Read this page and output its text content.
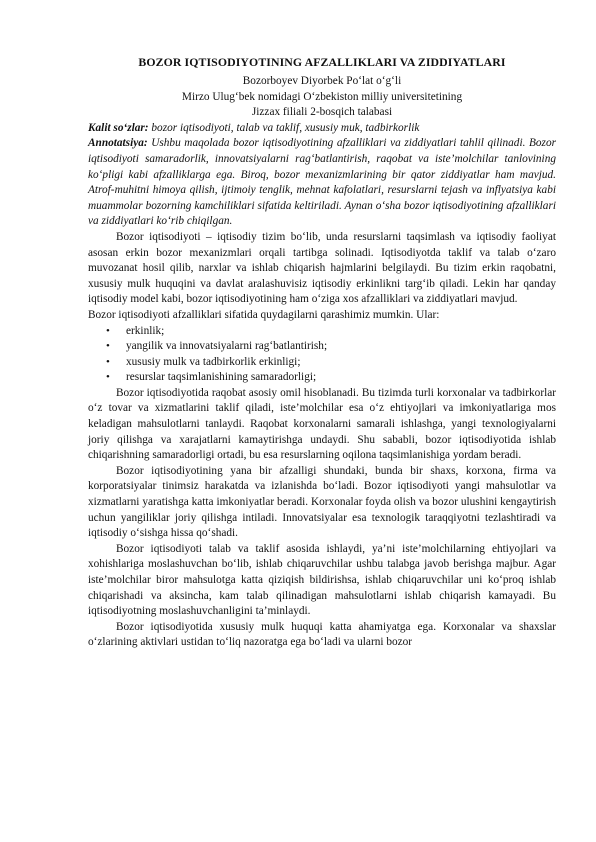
BOZOR IQTISODIYOTINING AFZALLIKLARI VA ZIDDIYATLARI

Bozorboyev Diyorbek Po‘lat o‘g‘li

Mirzo Ulug‘bek nomidagi O‘zbekiston milliy universitetining

Jizzax filiali 2-bosqich talabasi

Kalit so‘zlar: bozor iqtisodiyoti, talab va taklif, xususiy muk, tadbirkorlik

Annotatsiya: Ushbu maqolada bozor iqtisodiyotining afzalliklari va ziddiyatlari tahlil qilinadi. Bozor iqtisodiyoti samaradorlik, innovatsiyalarni rag‘batlantirish, raqobat va iste’molchilar tanlovining ko‘pligi kabi afzalliklarga ega. Biroq, bozor mexanizmlarining bir qator ziddiyatlar ham mavjud. Atrof-muhitni himoya qilish, ijtimoiy tenglik, mehnat kafolatlari, resurslarni tejash va inflyatsiya kabi muammolar bozorning kamchiliklari sifatida keltiriladi. Aynan o‘sha bozor iqtisodiyotining afzalliklari va ziddiyatlari ko‘rib chiqilgan.

Bozor iqtisodiyoti – iqtisodiy tizim bo‘lib, unda resurslarni taqsimlash va iqtisodiy faoliyat asosan erkin bozor mexanizmlari orqali tartibga solinadi. Iqtisodiyotda taklif va talab o‘zaro muvozanat hosil qilib, narxlar va ishlab chiqarish hajmlarini belgilaydi. Bu tizim erkin raqobatni, xususiy mulk huquqini va davlat aralashuvisiz iqtisodiy erkinlikni targ‘ib qiladi. Lekin har qanday iqtisodiy model kabi, bozor iqtisodiyotining ham o‘ziga xos afzalliklari va ziddiyatlari mavjud.

Bozor iqtisodiyoti afzalliklari sifatida quydagilarni qarashimiz mumkin. Ular:

• erkinlik;
• yangilik va innovatsiyalarni rag‘batlantirish;
• xususiy mulk va tadbirkorlik erkinligi;
• resurslar taqsimlanishining samaradorligi;

Bozor iqtisodiyotida raqobat asosiy omil hisoblanadi. Bu tizimda turli korxonalar va tadbirkorlar o‘z tovar va xizmatlarini taklif qiladi, iste’molchilar esa o‘z ehtiyojlari va imkoniyatlariga mos keladigan mahsulotlarni tanlaydi. Raqobat korxonalarni samarali ishlashga, yangi texnologiyalarni joriy qilishga va xarajatlarni kamaytirishga undaydi. Shu sababli, bozor iqtisodiyotida ishlab chiqarishning samaradorligi ortadi, bu esa resurslarning oqilona taqsimlanishiga yordam beradi.

Bozor iqtisodiyotining yana bir afzalligi shundaki, bunda bir shaxs, korxona, firma va korporatsiyalar tinimsiz harakatda va izlanishda bo‘ladi. Bozor iqtisodiyoti yangi mahsulotlar va xizmatlarni yaratishga katta imkoniyatlar beradi. Korxonalar foyda olish va bozor ulushini kengaytirish uchun yangiliklar joriy qilishga intiladi. Innovatsiyalar esa texnologik taraqqiyotni tezlashtiradi va iqtisodiy o‘sishga hissa qo‘shadi.

Bozor iqtisodiyoti talab va taklif asosida ishlaydi, ya’ni iste’molchilarning ehtiyojlari va xohishlariga moslashuvchan bo‘lib, ishlab chiqaruvchilar ushbu talabga javob berishga majbur. Agar iste’molchilar biror mahsulotga katta qiziqish bildirishsa, ishlab chiqaruvchilar uni ko‘proq ishlab chiqarishadi va aksincha, kam talab qilinadigan mahsulotlarni ishlab chiqarish kamayadi. Bu iqtisodiyotning moslashuvchanligini ta’minlaydi.

Bozor iqtisodiyotida xususiy mulk huquqi katta ahamiyatga ega. Korxonalar va shaxslar o‘zlarining aktivlari ustidan to‘liq nazoratga ega bo‘ladi va ularni bozor
